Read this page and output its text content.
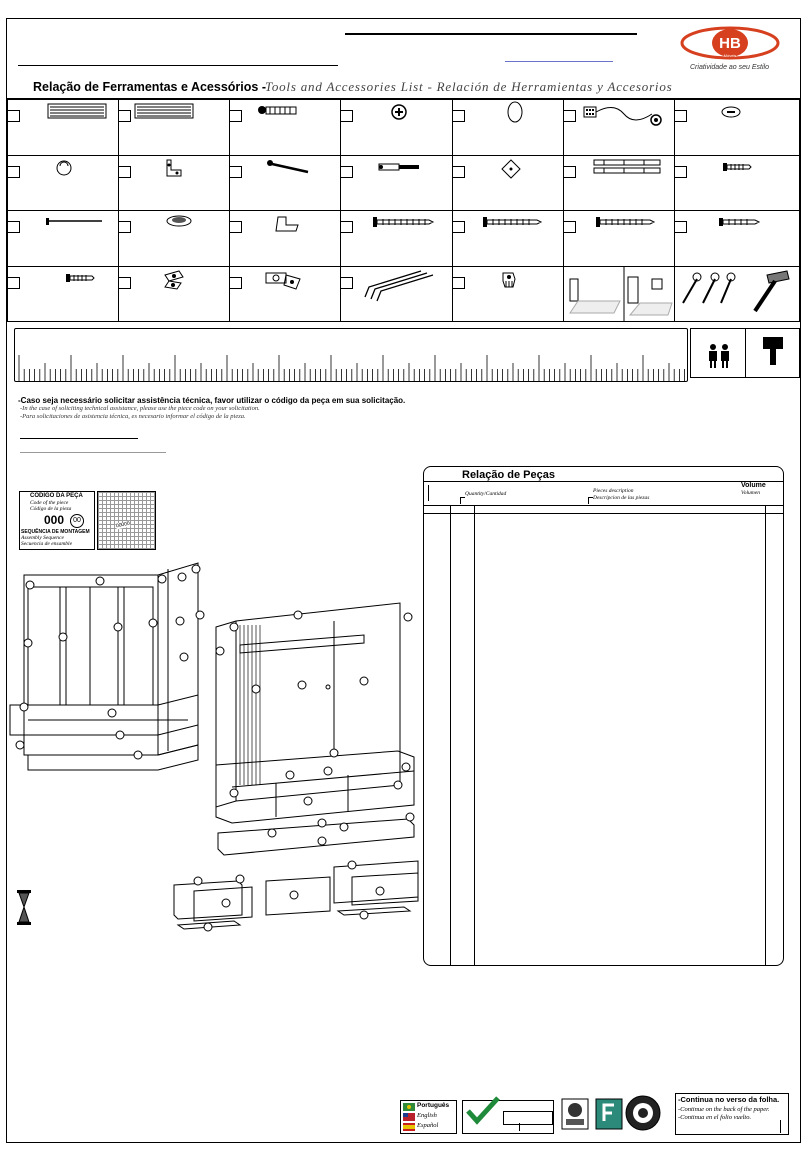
HB
Móveis
Criatividade ao seu Estilo
Relação de Ferramentas e Acessórios - Tools and Accessories List - Relación de Herramientas y Accesorios

-Caso seja necessário solicitar assistência técnica, favor utilizar o código da peça em sua solicitação.
-In the case of soliciting technical assistance, please use the piece code on your solicitation.
-Para solicitaciones de asistencia técnica, es necesario informar el código de la pieza.
CÓDIGO DA PEÇA
Code of the piece
Código de la pieza
000	00
SEQUÊNCIA DE MONTAGEM
Assembly Sequence
Secuencia de ensamble
00000
Relação de Peças
Volume
Volumen
Quantity/Cantidad	Pieces description
Descripcion de las piezas
Português
English
Español
-Continua no verso da folha.
-Continue on the back of the paper.
-Continua en el folio vuelto.
